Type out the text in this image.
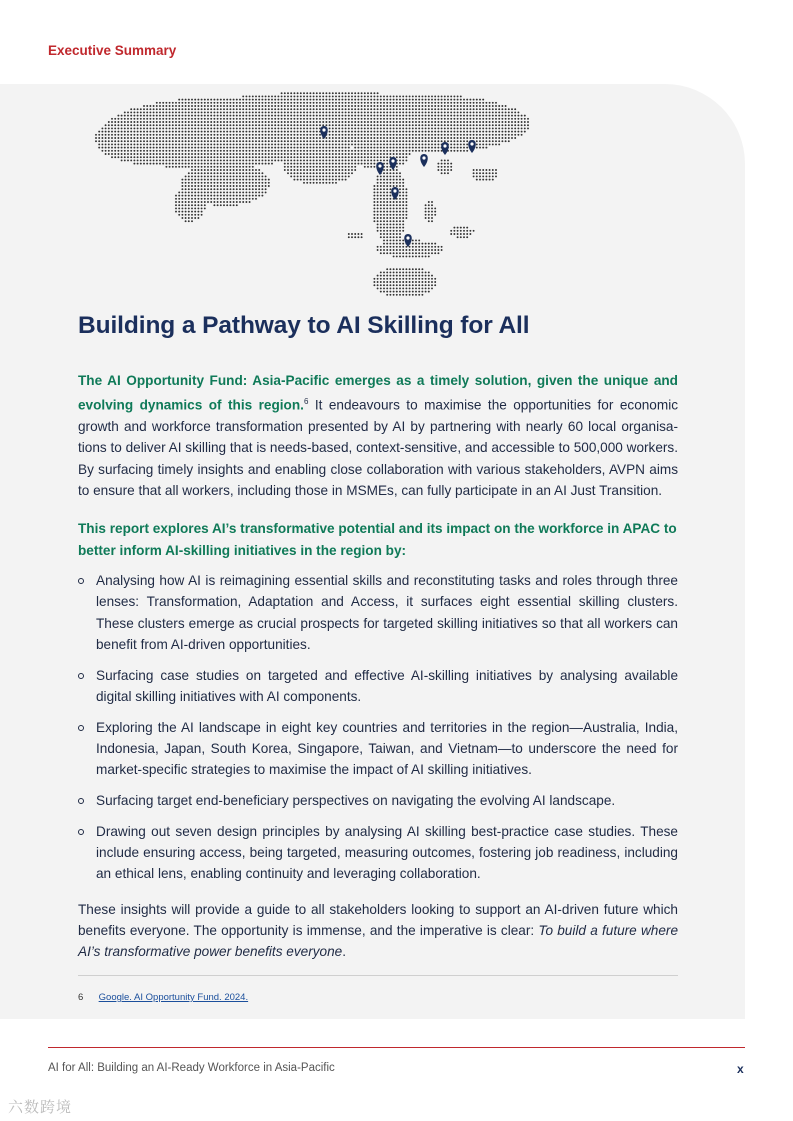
Executive Summary
Building a Pathway to AI Skilling for All

The AI Opportunity Fund: Asia-Pacific emerges as a timely solution, given the unique and evolving dynamics of this region.$^6$ It endeavours to maximise the opportunities for economic growth and workforce transformation presented by AI by partnering with nearly 60 local organisa-tions to deliver AI skilling that is needs-based, context-sensitive, and accessible to 500,000 workers. By surfacing timely insights and enabling close collaboration with various stakeholders, AVPN aims to ensure that all workers, including those in MSMEs, can fully participate in an AI Just Transition.

This report explores AI’s transformative potential and its impact on the workforce in APAC to better inform AI-skilling initiatives in the region by:

Analysing how AI is reimagining essential skills and reconstituting tasks and roles through three lenses: Transformation, Adaptation and Access, it surfaces eight essential skilling clusters. These clusters emerge as crucial prospects for targeted skilling initiatives so that all workers can benefit from AI-driven opportunities.
Surfacing case studies on targeted and effective AI-skilling initiatives by analysing available digital skilling initiatives with AI components.
Exploring the AI landscape in eight key countries and territories in the region—Australia, India, Indonesia, Japan, South Korea, Singapore, Taiwan, and Vietnam—to underscore the need for market-specific strategies to maximise the impact of AI skilling initiatives.
Surfacing target end-beneficiary perspectives on navigating the evolving AI landscape.
Drawing out seven design principles by analysing AI skilling best-practice case studies. These include ensuring access, being targeted, measuring outcomes, fostering job readiness, including an ethical lens, enabling continuity and leveraging collaboration.

These insights will provide a guide to all stakeholders looking to support an AI-driven future which benefits everyone. The opportunity is immense, and the imperative is clear: To build a future where AI’s transformative power benefits everyone.

6 Google. AI Opportunity Fund. 2024.
AI for All: Building an AI-Ready Workforce in Asia-Pacific	x
六数跨境
